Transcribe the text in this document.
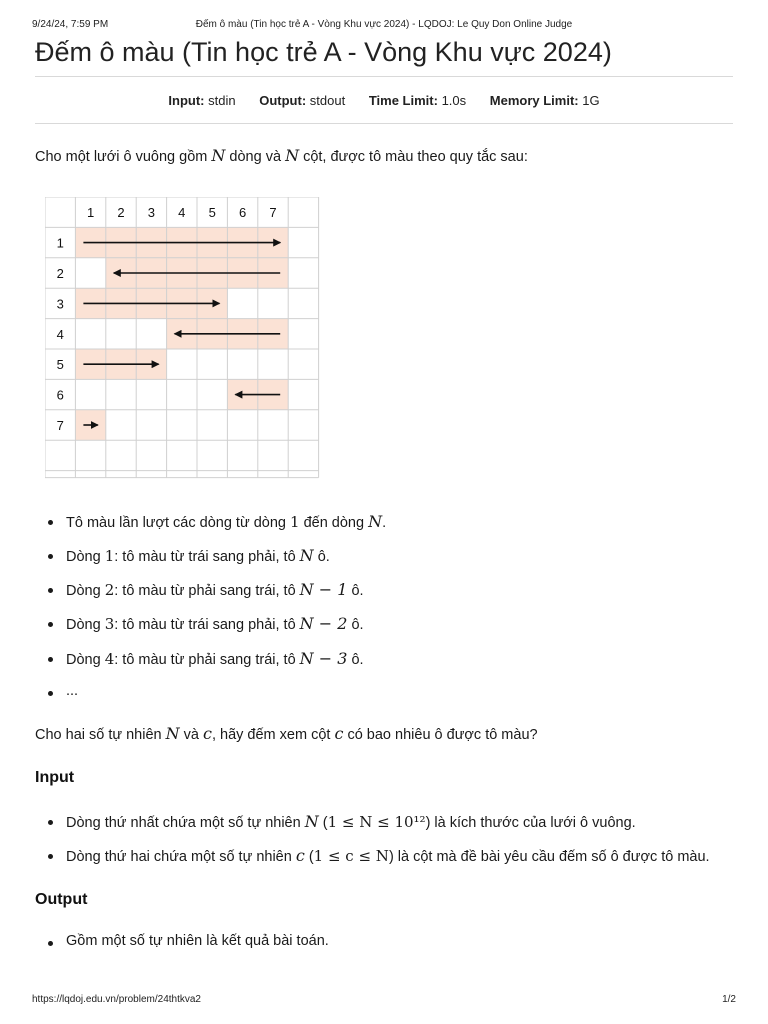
9/24/24, 7:59 PM	Đếm ô màu (Tin học trẻ A - Vòng Khu vực 2024) - LQDOJ: Le Quy Don Online Judge
Đếm ô màu (Tin học trẻ A - Vòng Khu vực 2024)
Input: stdin Output: stdout Time Limit: 1.0s Memory Limit: 1G
Cho một lưới ô vuông gồm N dòng và N cột, được tô màu theo quy tắc sau:
1 2 3 4 5 6 7
1
2
3
4
5
6
7
Tô màu lần lượt các dòng từ dòng 1 đến dòng N.
Dòng 1: tô màu từ trái sang phải, tô N ô.
Dòng 2: tô màu từ phải sang trái, tô N − 1 ô.
Dòng 3: tô màu từ trái sang phải, tô N − 2 ô.
Dòng 4: tô màu từ phải sang trái, tô N − 3 ô.
...
Cho hai số tự nhiên N và c, hãy đếm xem cột c có bao nhiêu ô được tô màu?
Input
Dòng thứ nhất chứa một số tự nhiên N (1 ≤ N ≤ 10¹²) là kích thước của lưới ô vuông.
Dòng thứ hai chứa một số tự nhiên c (1 ≤ c ≤ N) là cột mà đề bài yêu cầu đếm số ô được tô màu.
Output
Gồm một số tự nhiên là kết quả bài toán.
https://lqdoj.edu.vn/problem/24thtkva2	1/2
